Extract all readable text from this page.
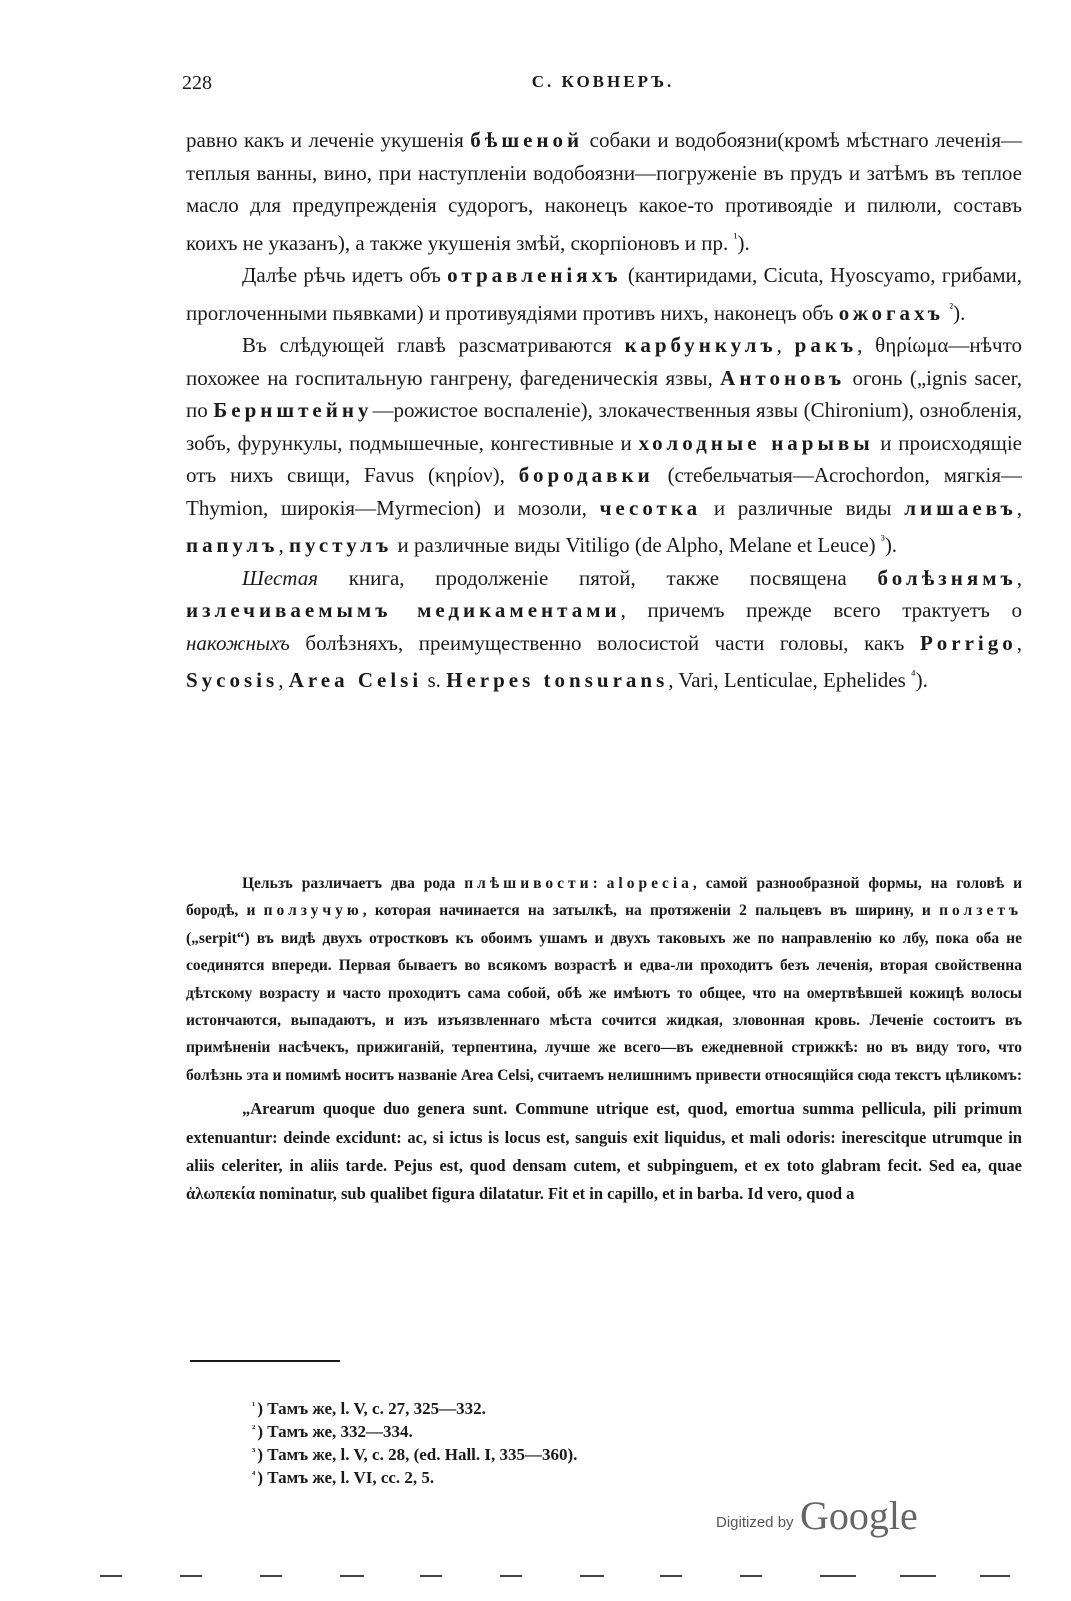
228	С. КОВНЕРЪ.

равно какъ и леченіе укушенія бѣшеной собаки и водобоязни(кромѣ мѣстнаго леченія—теплыя ванны, вино, при наступленіи водобоязни—погруженіе въ прудъ и затѣмъ въ теплое масло для предупрежденія судорогъ, наконецъ какое-то противоядіе и пилюли, составъ коихъ не указанъ), а также укушенія змѣй, скорпіоновъ и пр. $^{^1}$).

Далѣе рѣчь идетъ объ отравленіяхъ (кантиридами, Cicuta, Hyoscyamo, грибами, проглоченными пьявками) и противуядіями противъ нихъ, наконецъ объ ожогахъ $^{^2}$).

Въ слѣдующей главѣ разсматриваются карбункулъ, ракъ, θηρίωμα—нѣчто похожее на госпитальную гангрену, фагеденическія язвы, Антоновъ огонь („ignis sacer, по Бернштейну—рожистое воспаленіе), злокачественныя язвы (Chironium), ознобленія, зобъ, фурункулы, подмышечные, конгестивные и холодные нарывы и происходящіе отъ нихъ свищи, Favus (κηρίον), бородавки (стебельчатыя—Acrochordon, мягкія—Thymion, широкія—Myrmecion) и мозоли, чесотка и различные виды лишаевъ, папулъ, пустулъ и различные виды Vitiligo (de Alpho, Melane et Leuce) $^{^3}$).

Шестая книга, продолженіе пятой, также посвящена болѣзнямъ, излечиваемымъ медикаментами, причемъ прежде всего трактуетъ о накожныхъ болѣзняхъ, преимущественно волосистой части головы, какъ Porrigo, Sycosis, Area Celsi s. Herpes tonsurans, Vari, Lenticulae, Ephelides $^{^4}$).

Цельзъ различаетъ два рода плѣшивости: alopecia, самой разнообразной формы, на головѣ и бородѣ, и ползучую, которая начинается на затылкѣ, на протяженіи 2 пальцевъ въ ширину, и ползетъ („serpit“) въ видѣ двухъ отростковъ къ обоимъ ушамъ и двухъ таковыхъ же по направленію ко лбу, пока оба не соединятся впереди. Первая бываетъ во всякомъ возрастѣ и едва-ли проходитъ безъ леченія, вторая свойственна дѣтскому возрасту и часто проходитъ сама собой, обѣ же имѣютъ то общее, что на омертвѣвшей кожицѣ волосы истончаются, выпадаютъ, и изъ изъязвленнаго мѣста сочится жидкая, зловонная кровь. Леченіе состоитъ въ примѣненіи насѣчекъ, прижиганій, терпентина, лучше же всего—въ ежедневной стрижкѣ: но въ виду того, что болѣзнь эта и помимѣ носитъ названіе Area Celsi, считаемъ нелишнимъ привести относящійся сюда текстъ цѣликомъ:

„Arearum quoque duo genera sunt. Commune utrique est, quod, emortua summa pellicula, pili primum extenuantur: deinde excidunt: ac, si ictus is locus est, sanguis exit liquidus, et mali odoris: inerescitque utrumque in aliis celeriter, in aliis tarde. Pejus est, quod densam cutem, et subpinguem, et ex toto glabram fecit. Sed ea, quae ἀλωπεκία nominatur, sub qualibet figura dilatatur. Fit et in capillo, et in barba. Id vero, quod a

$^{^1}$ ) Тамъ же, l. V, c. 27, 325—332.
$^{^2}$ ) Тамъ же, 332—334.
$^{^3}$ ) Тамъ же, l. V, c. 28, (ed. Hall. I, 335—360).
$^{^4}$ ) Тамъ же, l. VI, cc. 2, 5.
Digitized by Google
